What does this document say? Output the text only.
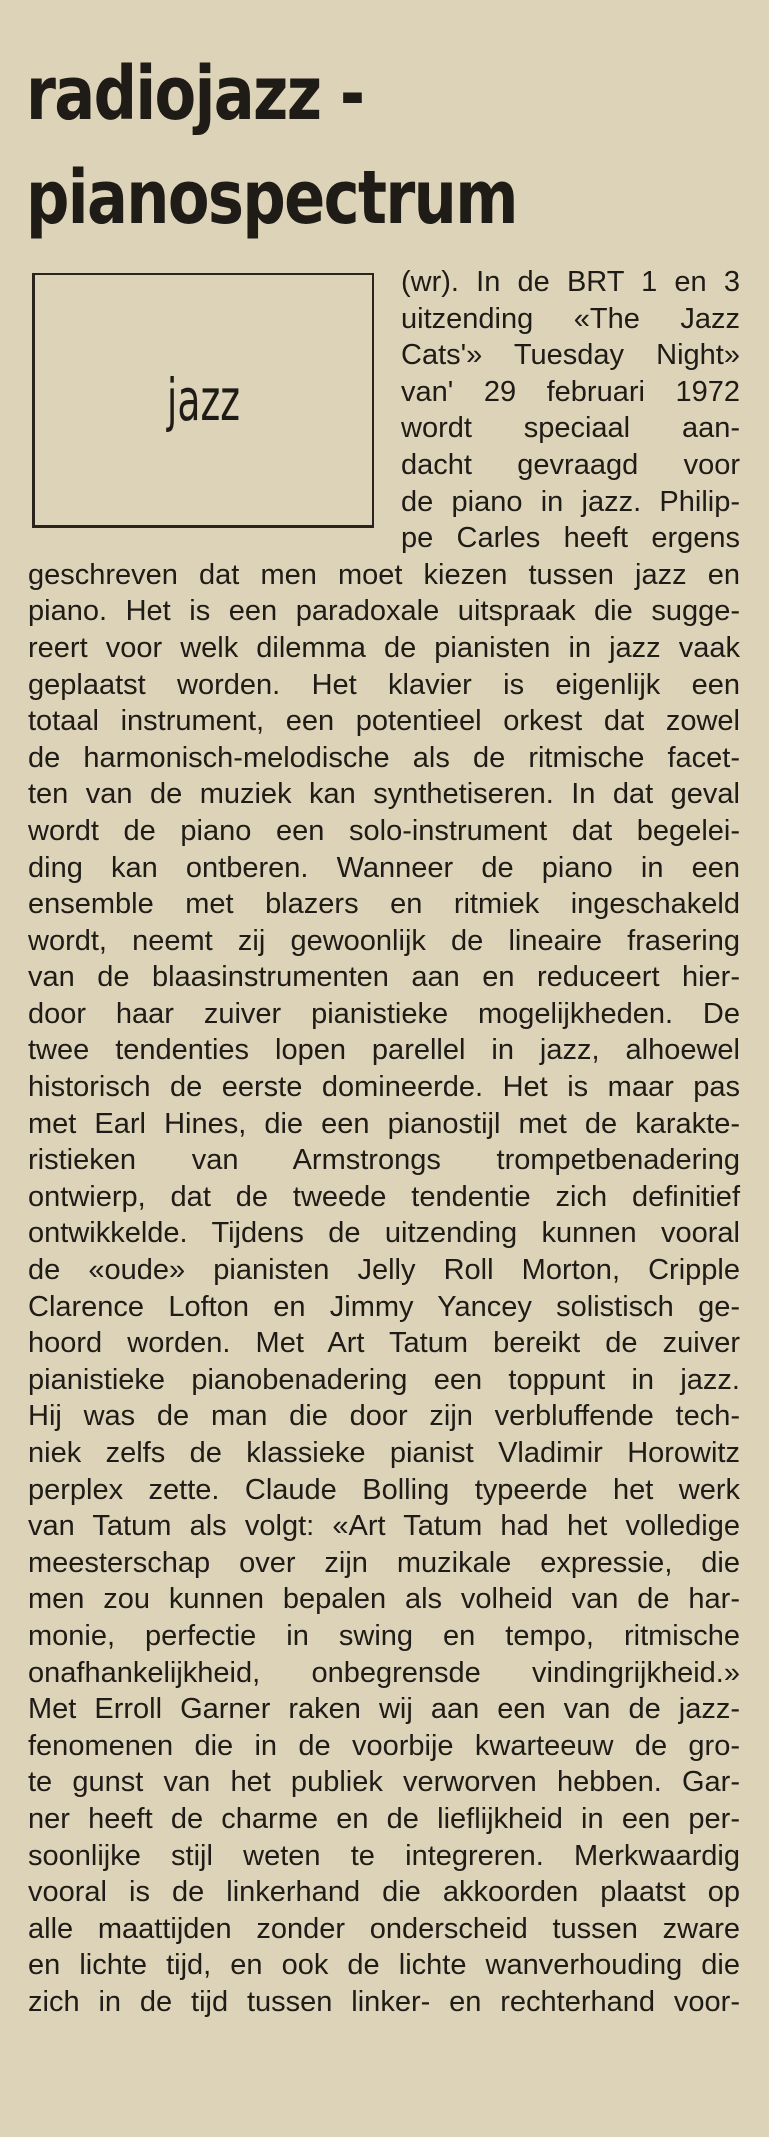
radiojazz -
pianospectrum
jazz
(wr). In de BRT 1 en 3
uitzending «The Jazz
Cats'» Tuesday Night»
van' 29 februari 1972
wordt speciaal aan-
dacht gevraagd voor
de piano in jazz. Philip-
pe Carles heeft ergens
geschreven dat men moet kiezen tussen jazz en
piano. Het is een paradoxale uitspraak die sugge-
reert voor welk dilemma de pianisten in jazz vaak
geplaatst worden. Het klavier is eigenlijk een
totaal instrument, een potentieel orkest dat zowel
de harmonisch-melodische als de ritmische facet-
ten van de muziek kan synthetiseren. In dat geval
wordt de piano een solo-instrument dat begelei-
ding kan ontberen. Wanneer de piano in een
ensemble met blazers en ritmiek ingeschakeld
wordt, neemt zij gewoonlijk de lineaire frasering
van de blaasinstrumenten aan en reduceert hier-
door haar zuiver pianistieke mogelijkheden. De
twee tendenties lopen parellel in jazz, alhoewel
historisch de eerste domineerde. Het is maar pas
met Earl Hines, die een pianostijl met de karakte-
ristieken van Armstrongs trompetbenadering
ontwierp, dat de tweede tendentie zich definitief
ontwikkelde. Tijdens de uitzending kunnen vooral
de «oude» pianisten Jelly Roll Morton, Cripple
Clarence Lofton en Jimmy Yancey solistisch ge-
hoord worden. Met Art Tatum bereikt de zuiver
pianistieke pianobenadering een toppunt in jazz.
Hij was de man die door zijn verbluffende tech-
niek zelfs de klassieke pianist Vladimir Horowitz
perplex zette. Claude Bolling typeerde het werk
van Tatum als volgt: «Art Tatum had het volledige
meesterschap over zijn muzikale expressie, die
men zou kunnen bepalen als volheid van de har-
monie, perfectie in swing en tempo, ritmische
onafhankelijkheid, onbegrensde vindingrijkheid.»
Met Erroll Garner raken wij aan een van de jazz-
fenomenen die in de voorbije kwarteeuw de gro-
te gunst van het publiek verworven hebben. Gar-
ner heeft de charme en de lieflijkheid in een per-
soonlijke stijl weten te integreren. Merkwaardig
vooral is de linkerhand die akkoorden plaatst op
alle maattijden zonder onderscheid tussen zware
en lichte tijd, en ook de lichte wanverhouding die
zich in de tijd tussen linker- en rechterhand voor-
